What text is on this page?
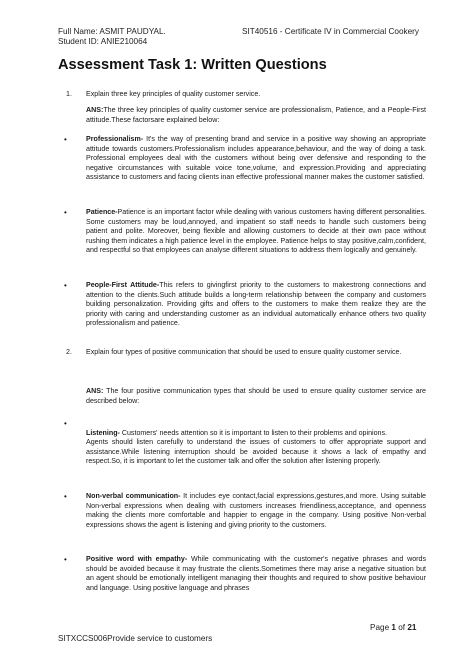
Full Name: ASMIT PAUDYAL.
Student ID: ANIE210064
SIT40516 - Certificate IV in Commercial Cookery
Assessment Task 1: Written Questions
1. Explain three key principles of quality customer service.
ANS:The three key principles of quality customer service are professionalism, Patience, and a People-First attitude.These factorsare explained below:
•	Professionalism- It's the way of presenting brand and service in a positive way showing an appropriate attitude towards customers.Professionalism includes appearance,behaviour, and the way of doing a task. Professional employees deal with the customers without being over defensive and responding to the negative circumstances with suitable voice tone,volume, and expression.Providing and appreciating assistance to customers and facing clients inan effective professional manner makes the customer satisfied.
•	Patience-Patience is an important factor while dealing with various customers having different personalities. Some customers may be loud,annoyed, and impatient so staff needs to handle such customers being patient and polite. Moreover, being flexible and allowing customers to decide at their own pace without rushing them indicates a high patience level in the employee. Patience helps to stay positive,calm,confident, and respectful so that employees can analyse different situations to address them logically and genuinely.
•	People-First Attitude-This refers to givingfirst priority to the customers to makestrong connections and attention to the clients.Such attitude builds a long-term relationship between the company and customers building personalization. Providing gifts and offers to the customers to make them realize they are the priority with caring and understanding customer as an individual automatically enhance others two quality professionalism and patience.
2. Explain four types of positive communication that should be used to ensure quality customer service.
ANS: The four positive communication types that should be used to ensure quality customer service are described below:
•

Listening- Customers' needs attention so it is important to listen to their problems and opinions.
Agents should listen carefully to understand the issues of customers to offer appropriate support and assistance.While listening interruption should be avoided because it shows a lack of empathy and respect.So, it is important to let the customer talk and offer the solution after listening properly.

•	Non-verbal communication- It includes eye contact,facial expressions,gestures,and more. Using suitable Non-verbal expressions when dealing with customers increases friendliness,acceptance, and openness making the clients more comfortable and happier to engage in the company. Using positive Non-verbal expressions shows the agent is listening and giving priority to the customers.
•	Positive word with empathy- While communicating with the customer's negative phrases and words should be avoided because it may frustrate the clients.Sometimes there may arise a negative situation but an agent should be emotionally intelligent managing their thoughts and required to show positive behaviour and language. Using positive language and phrases
Page 1 of 21
SITXCCS006Provide service to customers
